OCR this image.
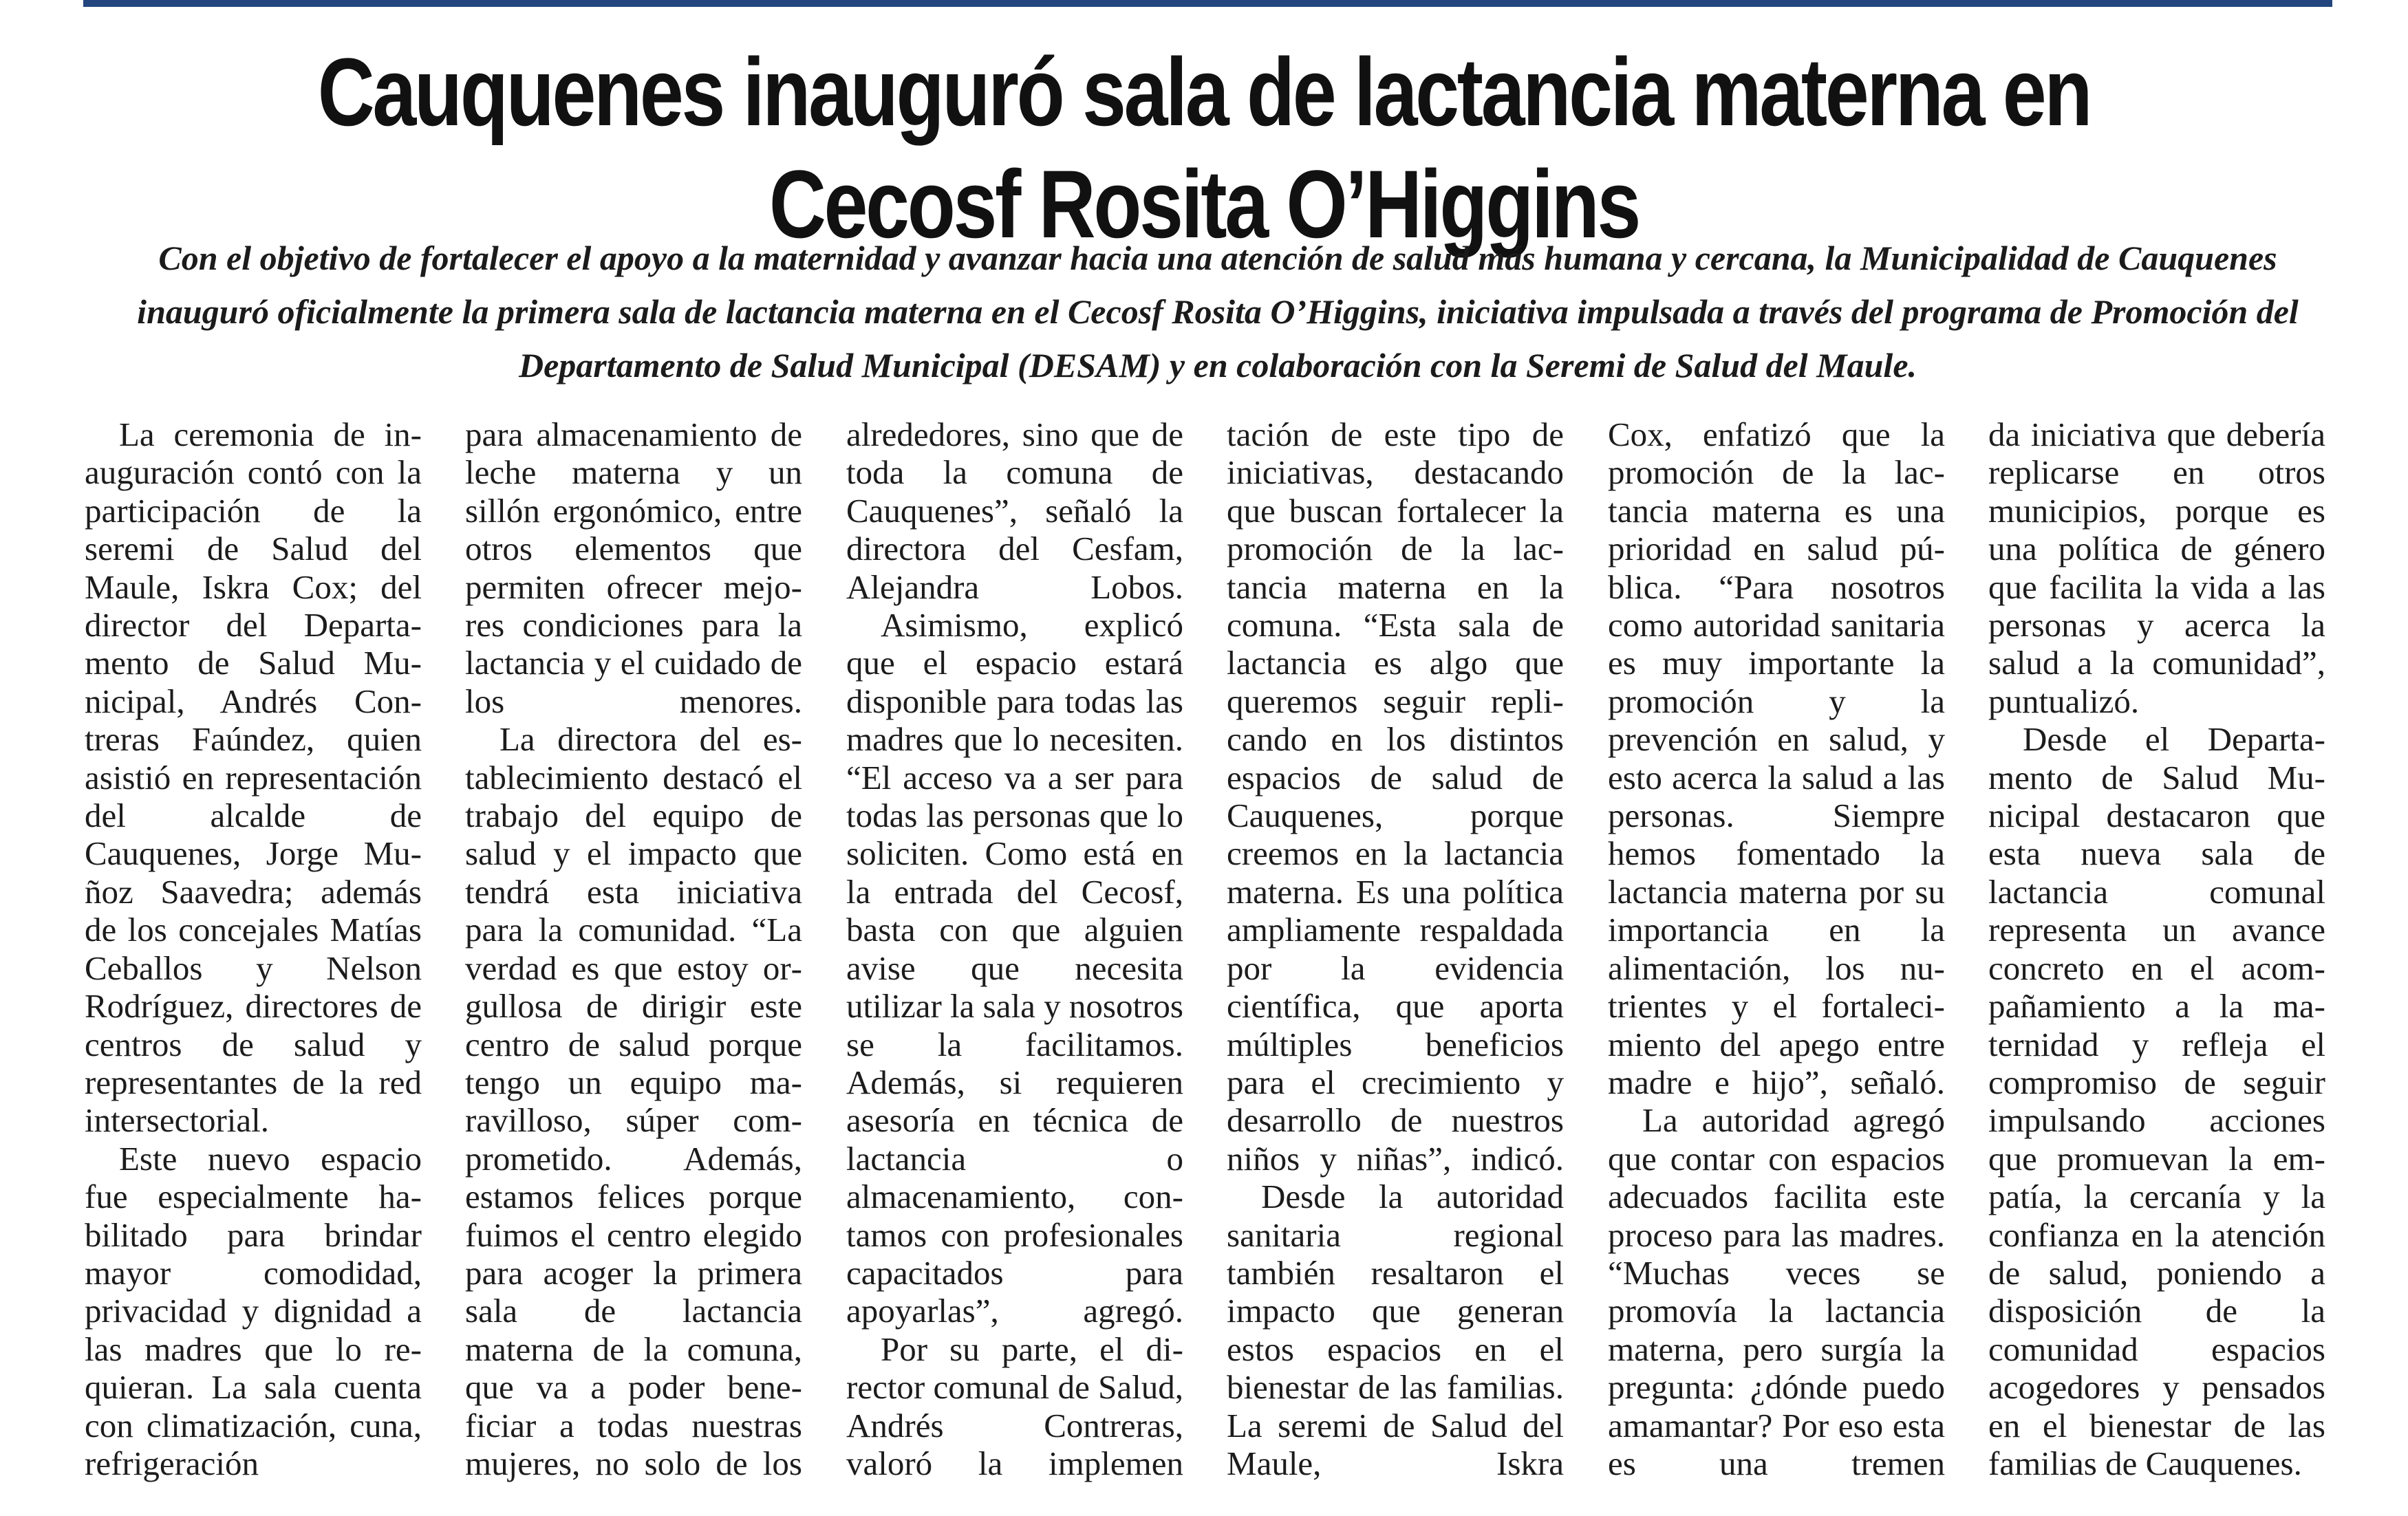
Cauquenes inauguró sala de lactancia materna en Cecosf Rosita O’Higgins

Con el objetivo de fortalecer el apoyo a la maternidad y avanzar hacia una atención de salud más humana y cercana, la Municipalidad de Cauquenes inauguró oficialmente la primera sala de lactancia materna en el Cecosf Rosita O’Higgins, iniciativa impulsada a través del programa de Promoción del Departamento de Salud Municipal (DESAM) y en colaboración con la Seremi de Salud del Maule.

La ceremonia de inauguración contó con la participación de la seremi de Salud del Maule, Iskra Cox; del director del Departamento de Salud Municipal, Andrés Contreras Faúndez, quien asistió en representación del alcalde de Cauquenes, Jorge Muñoz Saavedra; además de los concejales Matías Ceballos y Nelson Rodríguez, directores de centros de salud y representantes de la red intersectorial.

Este nuevo espacio fue especialmente habilitado para brindar mayor comodidad, privacidad y dignidad a las madres que lo requieran. La sala cuenta con climatización, cuna, refrigeración

para almacenamiento de leche materna y un sillón ergonómico, entre otros elementos que permiten ofrecer mejores condiciones para la lactancia y el cuidado de los menores.

La directora del establecimiento destacó el trabajo del equipo de salud y el impacto que tendrá esta iniciativa para la comunidad. “La verdad es que estoy orgullosa de dirigir este centro de salud porque tengo un equipo maravilloso, súper comprometido. Además, estamos felices porque fuimos el centro elegido para acoger la primera sala de lactancia materna de la comuna, que va a poder beneficiar a todas nuestras mujeres, no solo de los

alrededores, sino que de toda la comuna de Cauquenes”, señaló la directora del Cesfam, Alejandra Lobos.

Asimismo, explicó que el espacio estará disponible para todas las madres que lo necesiten. “El acceso va a ser para todas las personas que lo soliciten. Como está en la entrada del Cecosf, basta con que alguien avise que necesita utilizar la sala y nosotros se la facilitamos. Además, si requieren asesoría en técnica de lactancia o almacenamiento, contamos con profesionales capacitados para apoyarlas”, agregó.

Por su parte, el director comunal de Salud, Andrés Contreras, valoró la implemen

tación de este tipo de iniciativas, destacando que buscan fortalecer la promoción de la lactancia materna en la comuna. “Esta sala de lactancia es algo que queremos seguir replicando en los distintos espacios de salud de Cauquenes, porque creemos en la lactancia materna. Es una política ampliamente respaldada por la evidencia científica, que aporta múltiples beneficios para el crecimiento y desarrollo de nuestros niños y niñas”, indicó.

Desde la autoridad sanitaria regional también resaltaron el impacto que generan estos espacios en el bienestar de las familias. La seremi de Salud del Maule, Iskra

Cox, enfatizó que la promoción de la lactancia materna es una prioridad en salud pública. “Para nosotros como autoridad sanitaria es muy importante la promoción y la prevención en salud, y esto acerca la salud a las personas. Siempre hemos fomentado la lactancia materna por su importancia en la alimentación, los nutrientes y el fortalecimiento del apego entre madre e hijo”, señaló.

La autoridad agregó que contar con espacios adecuados facilita este proceso para las madres. “Muchas veces se promovía la lactancia materna, pero surgía la pregunta: ¿dónde puedo amamantar? Por eso esta es una tremen

da iniciativa que debería replicarse en otros municipios, porque es una política de género que facilita la vida a las personas y acerca la salud a la comunidad”, puntualizó.

Desde el Departamento de Salud Municipal destacaron que esta nueva sala de lactancia comunal representa un avance concreto en el acompañamiento a la maternidad y refleja el compromiso de seguir impulsando acciones que promuevan la empatía, la cercanía y la confianza en la atención de salud, poniendo a disposición de la comunidad espacios acogedores y pensados en el bienestar de las familias de Cauquenes.
